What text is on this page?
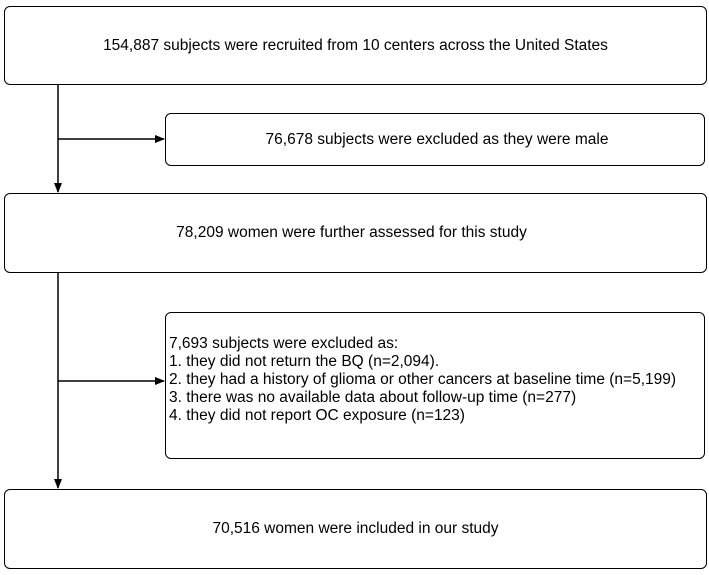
154,887 subjects were recruited from 10 centers across the United States
76,678 subjects were excluded as they were male
78,209 women were further assessed for this study
7,693 subjects were excluded as:
1. they did not return the BQ (n=2,094).
2. they had a history of glioma or other cancers at baseline time (n=5,199)
3. there was no available data about follow-up time (n=277)
4. they did not report OC exposure (n=123)
70,516 women were included in our study
